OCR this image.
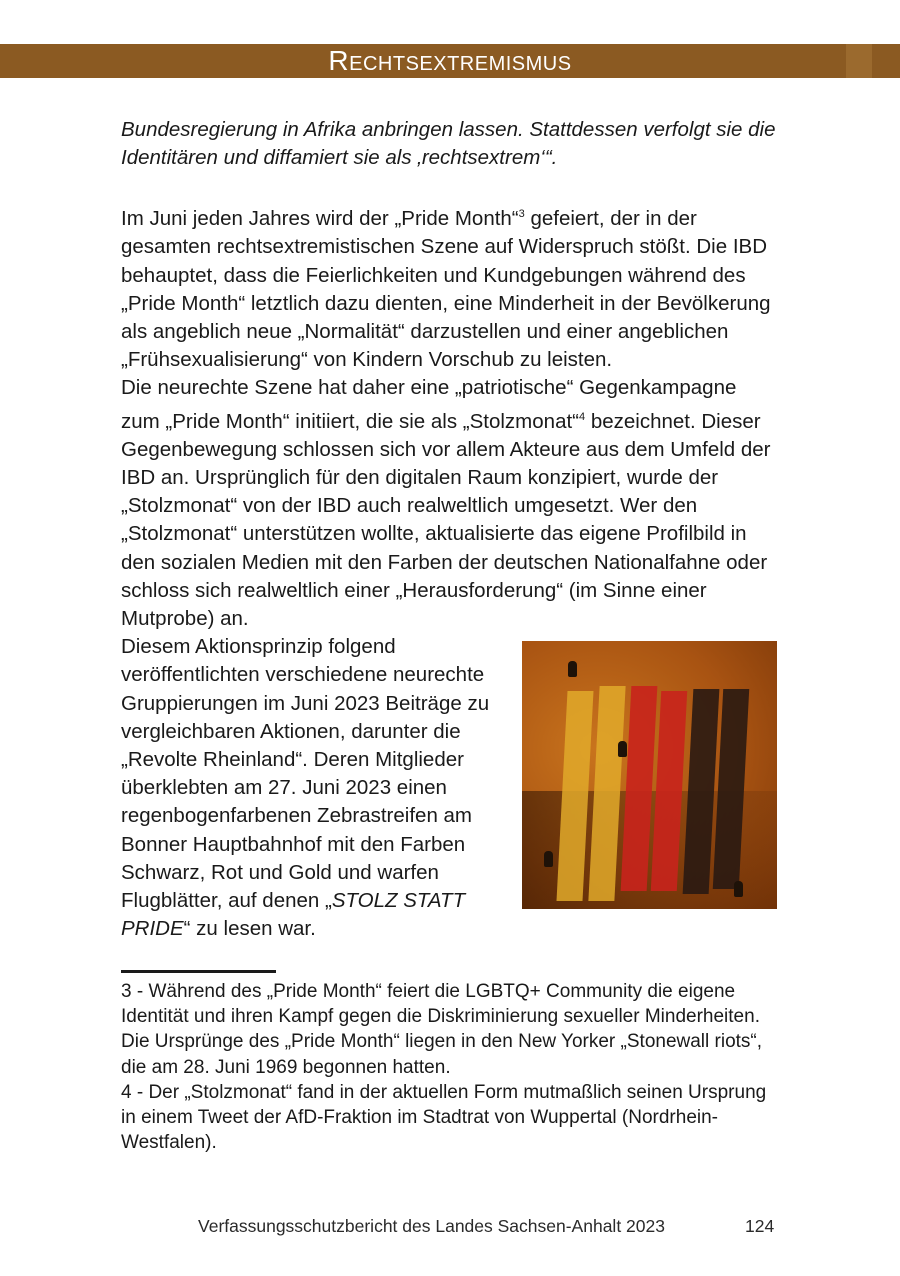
Rechtsextremismus

Bundesregierung in Afrika anbringen lassen. Stattdessen verfolgt sie die Identitären und diffamiert sie als ‚rechtsextrem‘“.

Im Juni jeden Jahres wird der „Pride Month“$^3$ gefeiert, der in der gesamten rechtsextremistischen Szene auf Widerspruch stößt. Die IBD behauptet, dass die Feierlichkeiten und Kundgebungen während des „Pride Month“ letztlich dazu dienten, eine Minderheit in der Bevölkerung als angeblich neue „Normalität“ darzustellen und einer angeblichen „Frühsexualisierung“ von Kindern Vorschub zu leisten.

Die neurechte Szene hat daher eine „patriotische“ Gegenkampagne zum „Pride Month“ initiiert, die sie als „Stolzmonat“$^4$ bezeichnet. Dieser Gegenbewegung schlossen sich vor allem Akteure aus dem Umfeld der IBD an. Ursprünglich für den digitalen Raum konzipiert, wurde der „Stolzmonat“ von der IBD auch realweltlich umgesetzt. Wer den „Stolzmonat“ unterstützen wollte, aktualisierte das eigene Profilbild in den sozialen Medien mit den Farben der deutschen Nationalfahne oder schloss sich realweltlich einer „Herausforderung“ (im Sinne einer Mutprobe) an.

Diesem Aktionsprinzip folgend veröffentlichten verschiedene neurechte Gruppierungen im Juni 2023 Beiträge zu vergleichbaren Aktionen, darunter die „Revolte Rheinland“. Deren Mitglieder überklebten am 27. Juni 2023 einen regenbogenfarbenen Zebrastreifen am Bonner Hauptbahnhof mit den Farben Schwarz, Rot und Gold und warfen Flugblätter, auf denen „STOLZ STATT PRIDE“ zu lesen war.

3 - Während des „Pride Month“ feiert die LGBTQ+ Community die eigene Identität und ihren Kampf gegen die Diskriminierung sexueller Minderheiten. Die Ursprünge des „Pride Month“ liegen in den New Yorker „Stonewall riots“, die am 28. Juni 1969 begonnen hatten.

4 - Der „Stolzmonat“ fand in der aktuellen Form mutmaßlich seinen Ursprung in einem Tweet der AfD-Fraktion im Stadtrat von Wuppertal (Nordrhein-Westfalen).

Verfassungsschutzbericht des Landes Sachsen-Anhalt 2023	124
